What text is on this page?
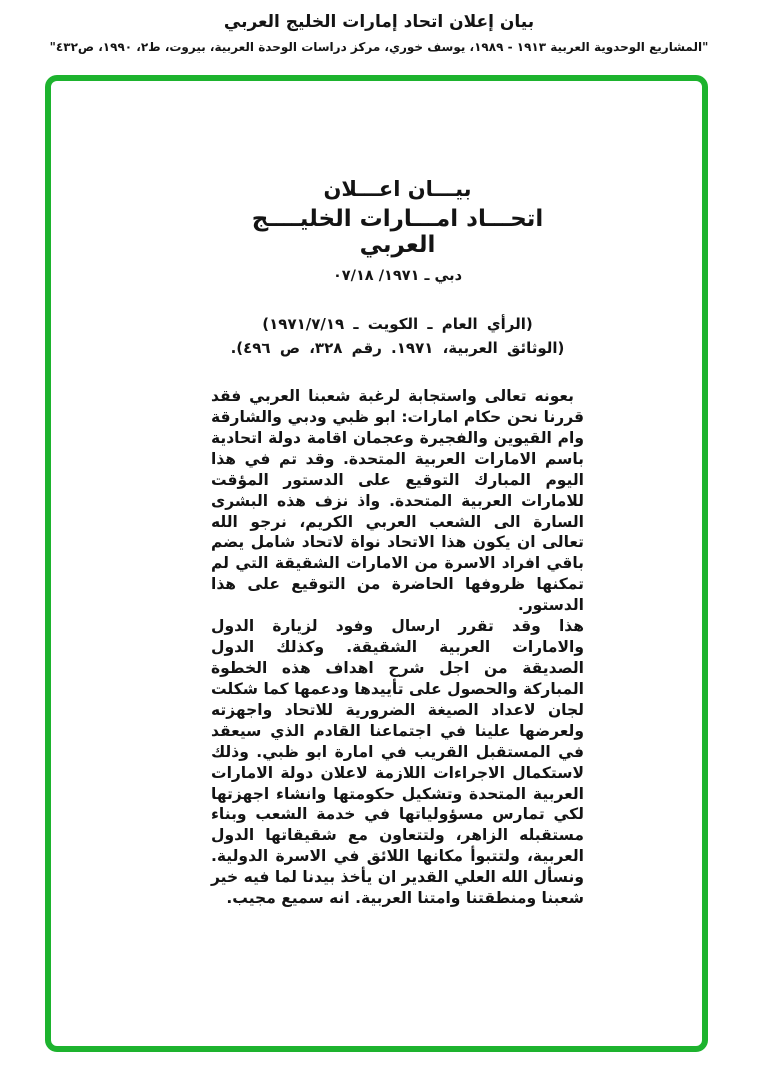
بيان إعلان اتحاد إمارات الخليج العربي
"المشاريع الوحدوية العربية ١٩١٣ - ١٩٨٩، يوسف خوري، مركز دراسات الوحدة العربية، بيروت، ط٢، ١٩٩٠، ص٤٣٢"
بيـــان اعـــلان
اتحـــاد امـــارات الخليــــج العربي
دبي ـ ١٩٧١/ ٠٧/١٨
(الرأي العام ـ الكويت ـ ١٩٧١/٧/١٩)
(الوثائق العربية، ١٩٧١. رقم ٣٢٨، ص ٤٩٦).

بعونه تعالى واستجابة لرغبة شعبنا العربي فقد قررنا نحن حكام امارات: ابو ظبي ودبي والشارقة وام القيوين والفجيرة وعجمان اقامة دولة اتحادية باسم الامارات العربية المتحدة. وقد تم في هذا اليوم المبارك التوقيع على الدستور المؤقت للامارات العربية المتحدة. واذ نزف هذه البشرى السارة الى الشعب العربي الكريم، نرجو الله تعالى ان يكون هذا الاتحاد نواة لاتحاد شامل يضم باقي افراد الاسرة من الامارات الشقيقة التي لم تمكنها ظروفها الحاضرة من التوقيع على هذا الدستور.

هذا وقد تقرر ارسال وفود لزيارة الدول والامارات العربية الشقيقة. وكذلك الدول الصديقة من اجل شرح اهداف هذه الخطوة المباركة والحصول على تأييدها ودعمها كما شكلت لجان لاعداد الصيغة الضرورية للاتحاد واجهزته ولعرضها علينا في اجتماعنا القادم الذي سيعقد في المستقبل القريب في امارة ابو ظبي. وذلك لاستكمال الاجراءات اللازمة لاعلان دولة الامارات العربية المتحدة وتشكيل حكومتها وانشاء اجهزتها لكي تمارس مسؤولياتها في خدمة الشعب وبناء مستقبله الزاهر، ولتتعاون مع شقيقاتها الدول العربية، ولتتبوأ مكانها اللائق في الاسرة الدولية. ونسأل الله العلي القدير ان يأخذ بيدنا لما فيه خير شعبنا ومنطقتنا وامتنا العربية. انه سميع مجيب.
